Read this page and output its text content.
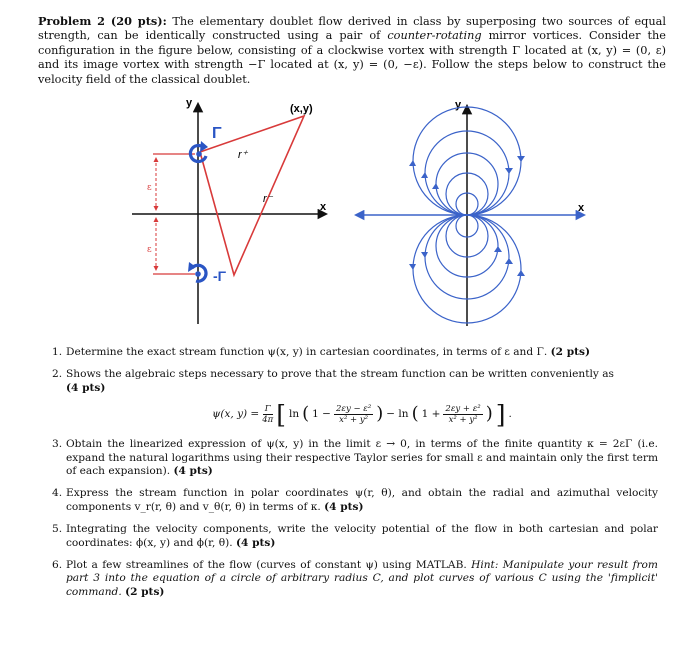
Problem 2 (20 pts): The elementary doublet flow derived in class by superposing two sources of equal strength, can be identically constructed using a pair of counter-rotating mirror vortices. Consider the configuration in the figure below, consisting of a clockwise vortex with strength Γ located at (x, y) = (0, ε) and its image vortex with strength −Γ located at (x, y) = (0, −ε). Follow the steps below to construct the velocity field of the classical doublet.

y
x
(x,y)
r⁺
r⁻
ε
ε
Γ
-Γ
y
x
1. Determine the exact stream function ψ(x, y) in cartesian coordinates, in terms of ε and Γ. (2 pts)
2. Shows the algebraic steps necessary to prove that the stream function can be written conveniently as
(4 pts)
ψ(x, $y) = \frac{\Gamma}{4\pi}$ [ ln ( $1 - \frac{\text{2εy − ε²}}{\text{x² + y²}}$ ) − ln ( $1 + \frac{\text{2εy + ε²}}{\text{x² + y²}}$ ) ] .
3. Obtain the linearized expression of ψ(x, y) in the limit ε → 0, in terms of the finite quantity κ = 2εΓ (i.e. expand the natural logarithms using their respective Taylor series for small ε and maintain only the first term of each expansion). (4 pts)
4. Express the stream function in polar coordinates ψ(r, θ), and obtain the radial and azimuthal velocity components v_r(r, θ) and v_θ(r, θ) in terms of κ. (4 pts)
5. Integrating the velocity components, write the velocity potential of the flow in both cartesian and polar coordinates: ϕ(x, y) and ϕ(r, θ). (4 pts)
6. Plot a few streamlines of the flow (curves of constant ψ) using MATLAB. Hint: Manipulate your result from part 3 into the equation of a circle of arbitrary radius C, and plot curves of various C using the 'fimplicit' command. (2 pts)
